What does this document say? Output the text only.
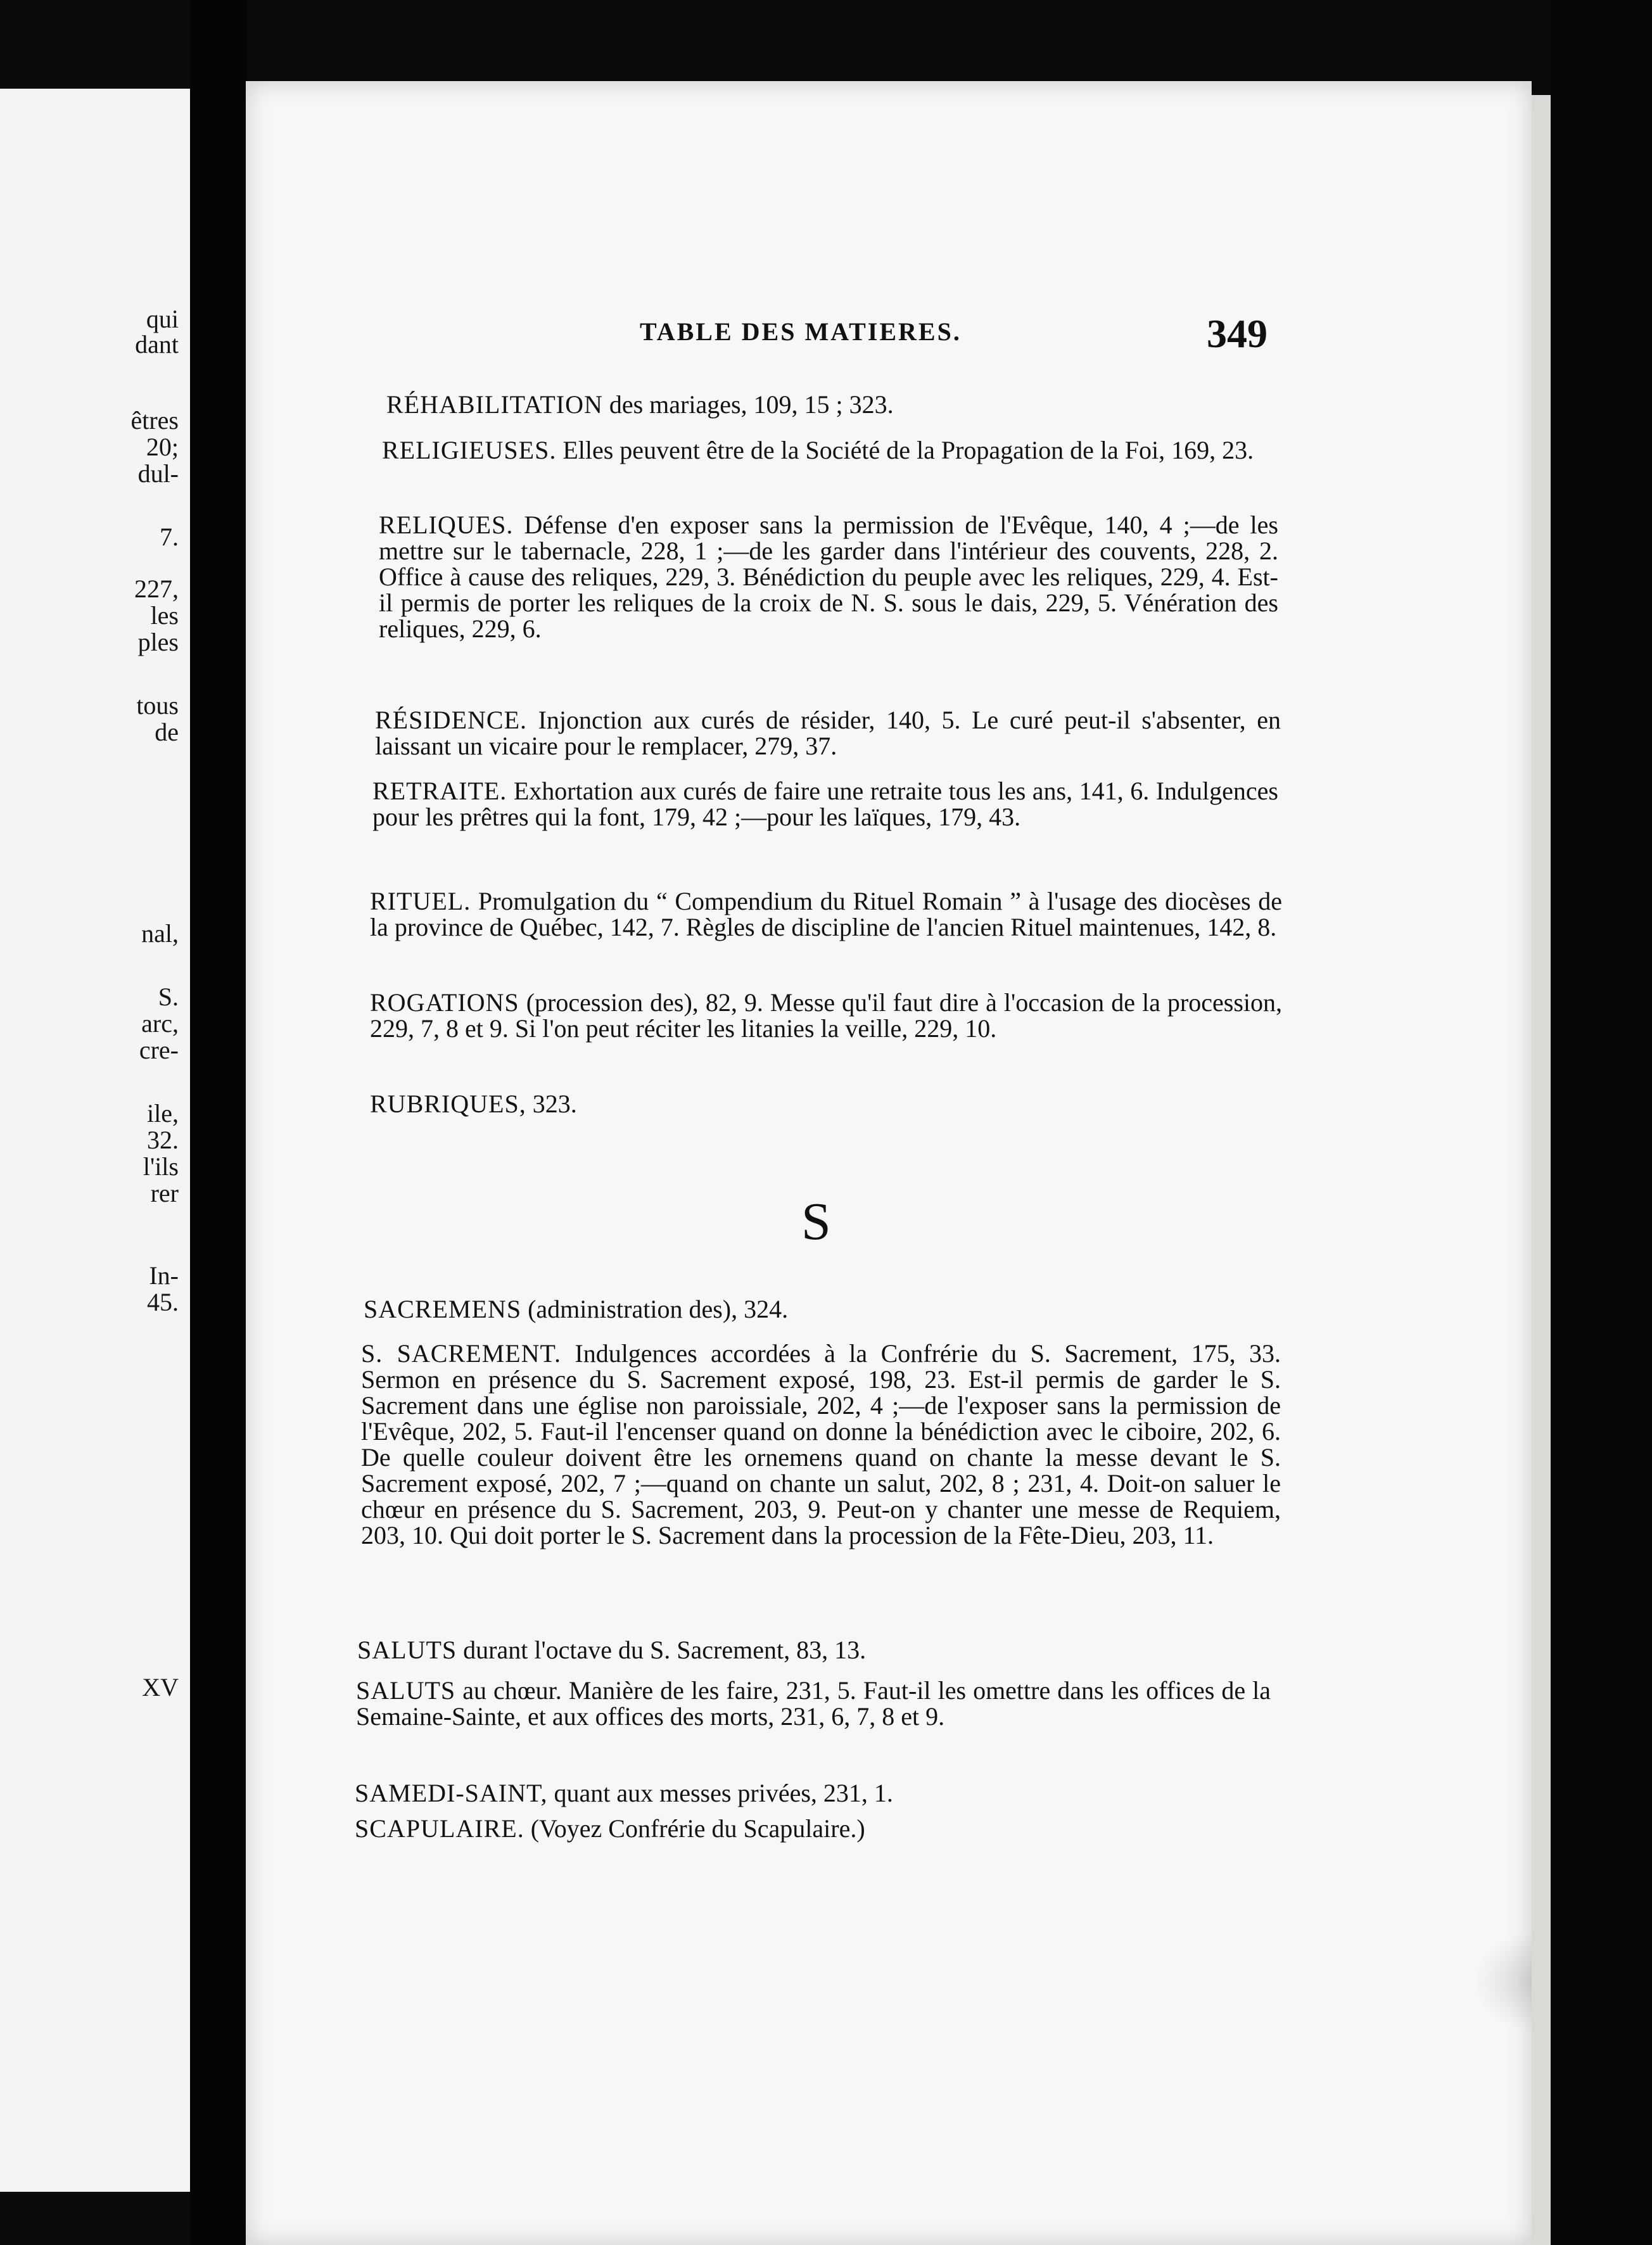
qui
dant
êtres
20;
dul-
7.
227,
les
ples
tous
de
nal,
S.
arc,
cre-
ile,
32.
l'ils
rer
In-
45.
XV
TABLE DES MATIERES.	349
RÉHABILITATION des mariages, 109, 15 ; 323.
RELIGIEUSES. Elles peuvent être de la Société de la Propagation de la Foi, 169, 23.
RELIQUES. Défense d'en exposer sans la permission de l'Evêque, 140, 4 ;—de les mettre sur le tabernacle, 228, 1 ;—de les garder dans l'intérieur des couvents, 228, 2. Office à cause des reliques, 229, 3. Bénédiction du peuple avec les reliques, 229, 4. Est-il permis de porter les reliques de la croix de N. S. sous le dais, 229, 5. Vénération des reliques, 229, 6.
RÉSIDENCE. Injonction aux curés de résider, 140, 5. Le curé peut-il s'absenter, en laissant un vicaire pour le remplacer, 279, 37.
RETRAITE. Exhortation aux curés de faire une retraite tous les ans, 141, 6. Indulgences pour les prêtres qui la font, 179, 42 ;—pour les laïques, 179, 43.
RITUEL. Promulgation du “ Compendium du Rituel Romain ” à l'usage des diocèses de la province de Québec, 142, 7. Règles de discipline de l'ancien Rituel maintenues, 142, 8.
ROGATIONS (procession des), 82, 9. Messe qu'il faut dire à l'occasion de la procession, 229, 7, 8 et 9. Si l'on peut réciter les litanies la veille, 229, 10.
RUBRIQUES, 323.
S
SACREMENS (administration des), 324.
S. SACREMENT. Indulgences accordées à la Confrérie du S. Sacrement, 175, 33. Sermon en présence du S. Sacrement exposé, 198, 23. Est-il permis de garder le S. Sacrement dans une église non paroissiale, 202, 4 ;—de l'exposer sans la permission de l'Evêque, 202, 5. Faut-il l'encenser quand on donne la bénédiction avec le ciboire, 202, 6. De quelle couleur doivent être les ornemens quand on chante la messe devant le S. Sacrement exposé, 202, 7 ;—quand on chante un salut, 202, 8 ; 231, 4. Doit-on saluer le chœur en présence du S. Sacrement, 203, 9. Peut-on y chanter une messe de Requiem, 203, 10. Qui doit porter le S. Sacrement dans la procession de la Fête-Dieu, 203, 11.
SALUTS durant l'octave du S. Sacrement, 83, 13.
SALUTS au chœur. Manière de les faire, 231, 5. Faut-il les omettre dans les offices de la Semaine-Sainte, et aux offices des morts, 231, 6, 7, 8 et 9.
SAMEDI-SAINT, quant aux messes privées, 231, 1.
SCAPULAIRE. (Voyez Confrérie du Scapulaire.)
